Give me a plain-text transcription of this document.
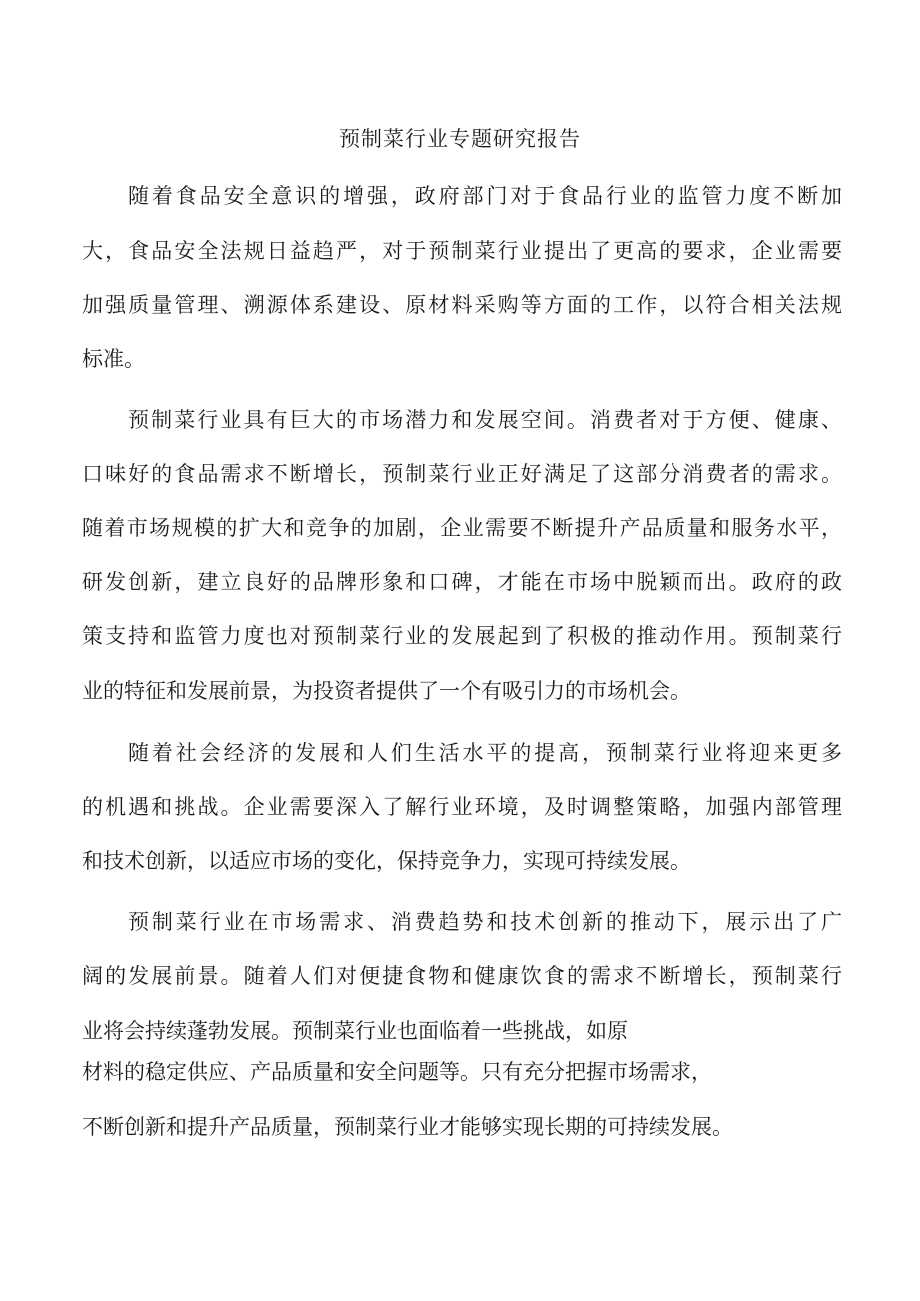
预制菜行业专题研究报告
随着食品安全意识的增强，政府部门对于食品行业的监管力度不断加
大，食品安全法规日益趋严，对于预制菜行业提出了更高的要求，企业需要
加强质量管理、溯源体系建设、原材料采购等方面的工作，以符合相关法规
标准。
预制菜行业具有巨大的市场潜力和发展空间。消费者对于方便、健康、
口味好的食品需求不断增长，预制菜行业正好满足了这部分消费者的需求。
随着市场规模的扩大和竞争的加剧，企业需要不断提升产品质量和服务水平，
研发创新，建立良好的品牌形象和口碑，才能在市场中脱颖而出。政府的政
策支持和监管力度也对预制菜行业的发展起到了积极的推动作用。预制菜行
业的特征和发展前景，为投资者提供了一个有吸引力的市场机会。
随着社会经济的发展和人们生活水平的提高，预制菜行业将迎来更多
的机遇和挑战。企业需要深入了解行业环境，及时调整策略，加强内部管理
和技术创新，以适应市场的变化，保持竞争力，实现可持续发展。
预制菜行业在市场需求、消费趋势和技术创新的推动下，展示出了广
阔的发展前景。随着人们对便捷食物和健康饮食的需求不断增长，预制菜行
业将会持续蓬勃发展。预制菜行业也面临着一些挑战，如原
材料的稳定供应、产品质量和安全问题等。只有充分把握市场需求，
不断创新和提升产品质量，预制菜行业才能够实现长期的可持续发展。
